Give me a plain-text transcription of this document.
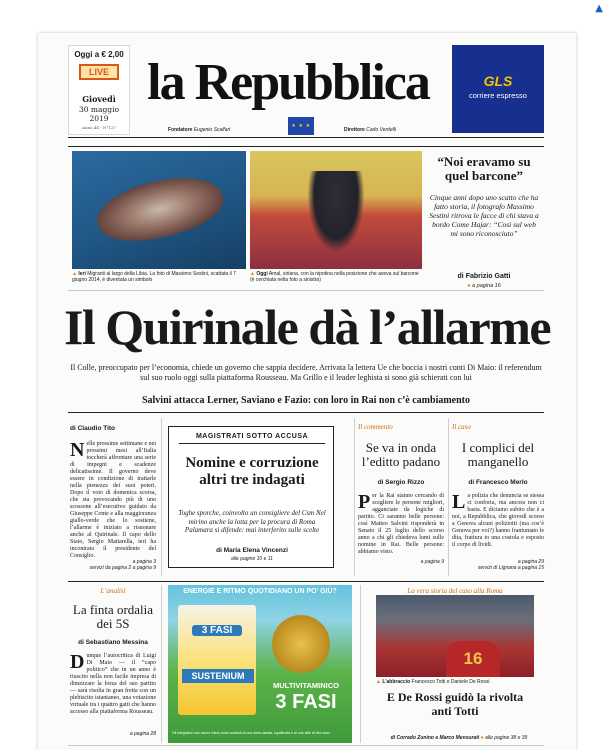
▲
Oggi a € 2,00
LIVE
Giovedì
30 maggio 2019
Anno 44 - N°127
la Repubblica
Fondatore Eugenio Scalfari
★ ★ ★
Direttore Carlo Verdelli
GLS
corriere espresso
▲ Ieri Migranti al largo della Libia. La foto di Massimo Sestini, scattata il 7 giugno 2014, è diventata un simbolo
▲ Oggi Amal, siriana, con la nipotina nella posizione che aveva sul barcone (è cerchiata nella foto a sinistra)
“Noi eravamo su quel barcone”
Cinque anni dopo uno scatto che ha fatto storia, il fotografo Massimo Sestini ritrova le facce di chi stava a bordo Come Hajar: “Così sul web mi sono riconosciuto”
di Fabrizio Gatti
● a pagina 16
Il Quirinale dà l’allarme
Il Colle, preoccupato per l’economia, chiede un governo che sappia decidere. Arrivata la lettera Ue che boccia i nostri conti Di Maio: il referendum sul suo ruolo oggi sulla piattaforma Rousseau. Ma Grillo e il leader leghista si sono già schierati con lui
Salvini attacca Lerner, Saviano e Fazio: con loro in Rai non c’è cambiamento
di Claudio Tito
Nelle prossime settimane e nei prossimi mesi all’Italia toccherà affrontare una serie di impegni e scadenze delicatissime. Il governo deve essere in condizione di trattarle nella pienezza dei suoi poteri. Dopo il voto di domenica scorsa, che sta provocando più di uno scossone all’esecutivo guidato da Giuseppe Conte e alla maggioranza giallo-verde che lo sostiene, l’allarme è iniziato a risuonare anche al Quirinale. Il capo dello Stato, Sergio Mattarella, ieri ha incontrato il presidente del Consiglio.
a pagina 3
servizi da pagina 2 a pagina 9
MAGISTRATI SOTTO ACCUSA
Nomine e corruzione altri tre indagati
Toghe sporche, coinvolto un consigliere del Csm Nel mirino anche la lotta per la procura di Roma Palamara si difende: mai interferito sulle scelte
di Maria Elena Vincenzi
alle pagine 10 e 11
Il commento
Se va in onda l’editto padano
di Sergio Rizzo
Per la Rai stanno cercando di scegliere le persone migliori, agganciate da logiche di partito. Ci saranno belle persone: così Matteo Salvini risponderà in Senato il 25 luglio dello scorso anno a chi gli chiedeva lumi sulle nomine in Rai. Belle persone: abbiamo visto.
a pagina 9
Il caso
I complici del manganello
di Francesco Merlo
La polizia che denuncia se stessa ci conforta, ma ancora non ci basta. E diciamo subito che è a noi, a Repubblica, che giovedì scorso a Genova alcuni poliziotti (ma cos’è Genova per voi?) hanno frantumato le dita, frattura to una costola e esposto il corpo di lividi.
a pagina 29
servizi di Lignana a pagina 15
L’analisi
La finta ordalia dei 5S
di Sebastiano Messina
Dunque l’autocritica di Luigi Di Maio — il “capo politico” che in un anno è riuscito nella non facile impresa di dimezzare la forza del suo partito — sarà risolta in gran fretta con un plebiscito istantaneo, una votazione virtuale tra i quattro gatti che hanno accesso alla piattaforma Rousseau.
a pagina 28
ENERGIE E RITMO QUOTIDIANO UN PO’ GIÙ?
3 FASI
SUSTENIUM
MULTIVITAMINICO
3 FASI
Gli integratori non vanno intesi come sostituti di una dieta variata, equilibrata e di uno stile di vita sano.
La vera storia del caso alla Roma
16
▲ L’abbraccio Francesco Totti e Daniele De Rossi
E De Rossi guidò la rivolta anti Totti
di Corrado Zunino e Marco Mensurati ● alle pagine 38 e 39
